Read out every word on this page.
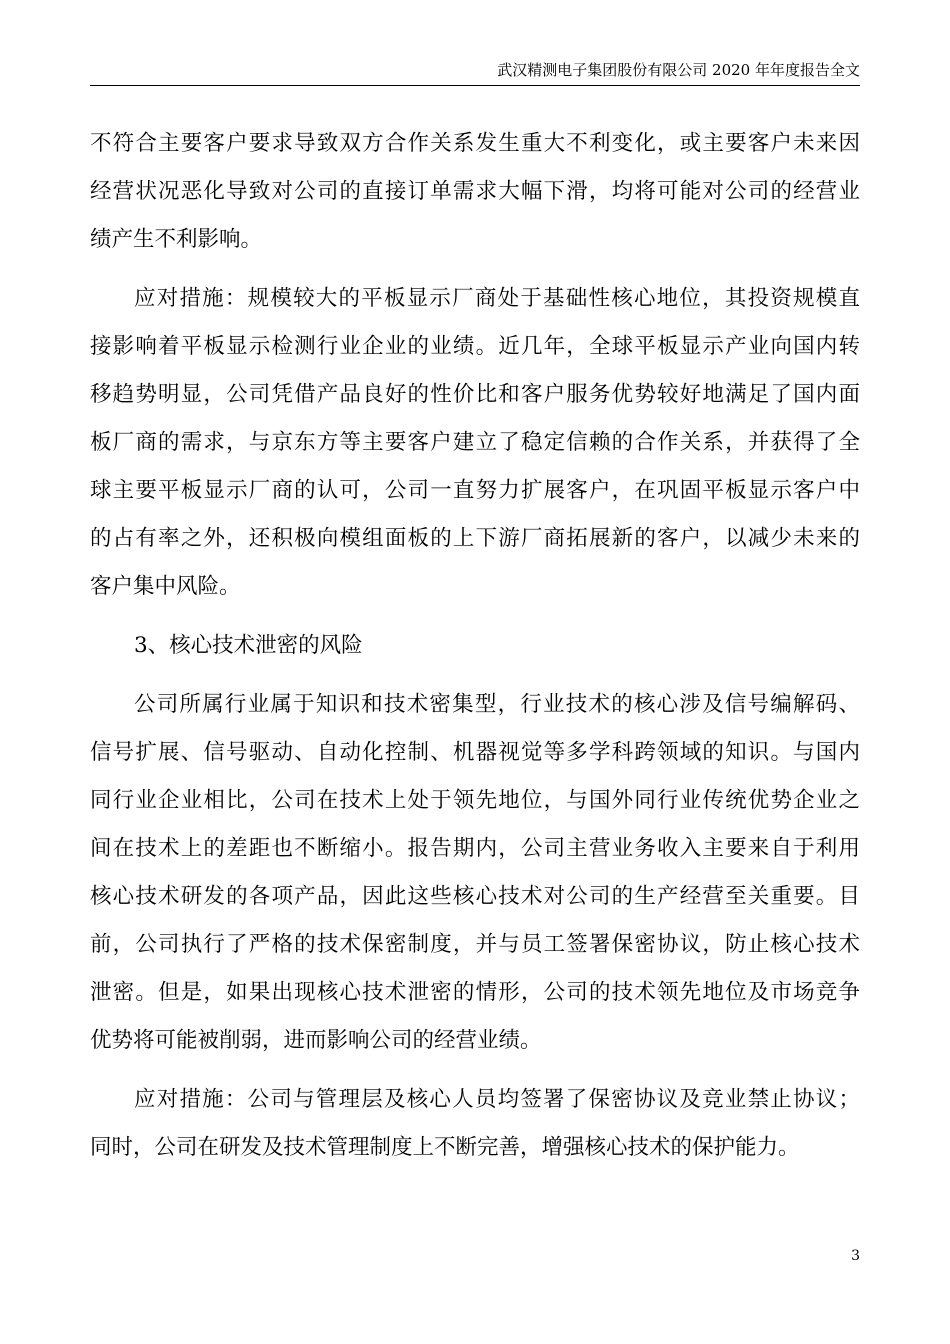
武汉精测电子集团股份有限公司 2020 年年度报告全文
不符合主要客户要求导致双方合作关系发生重大不利变化，或主要客户未来因
经营状况恶化导致对公司的直接订单需求大幅下滑，均将可能对公司的经营业
绩产生不利影响。
应对措施：规模较大的平板显示厂商处于基础性核心地位，其投资规模直
接影响着平板显示检测行业企业的业绩。近几年，全球平板显示产业向国内转
移趋势明显，公司凭借产品良好的性价比和客户服务优势较好地满足了国内面
板厂商的需求，与京东方等主要客户建立了稳定信赖的合作关系，并获得了全
球主要平板显示厂商的认可，公司一直努力扩展客户，在巩固平板显示客户中
的占有率之外，还积极向模组面板的上下游厂商拓展新的客户，以减少未来的
客户集中风险。
3、核心技术泄密的风险
公司所属行业属于知识和技术密集型，行业技术的核心涉及信号编解码、
信号扩展、信号驱动、自动化控制、机器视觉等多学科跨领域的知识。与国内
同行业企业相比，公司在技术上处于领先地位，与国外同行业传统优势企业之
间在技术上的差距也不断缩小。报告期内，公司主营业务收入主要来自于利用
核心技术研发的各项产品，因此这些核心技术对公司的生产经营至关重要。目
前，公司执行了严格的技术保密制度，并与员工签署保密协议，防止核心技术
泄密。但是，如果出现核心技术泄密的情形，公司的技术领先地位及市场竞争
优势将可能被削弱，进而影响公司的经营业绩。
应对措施：公司与管理层及核心人员均签署了保密协议及竞业禁止协议；
同时，公司在研发及技术管理制度上不断完善，增强核心技术的保护能力。
3
